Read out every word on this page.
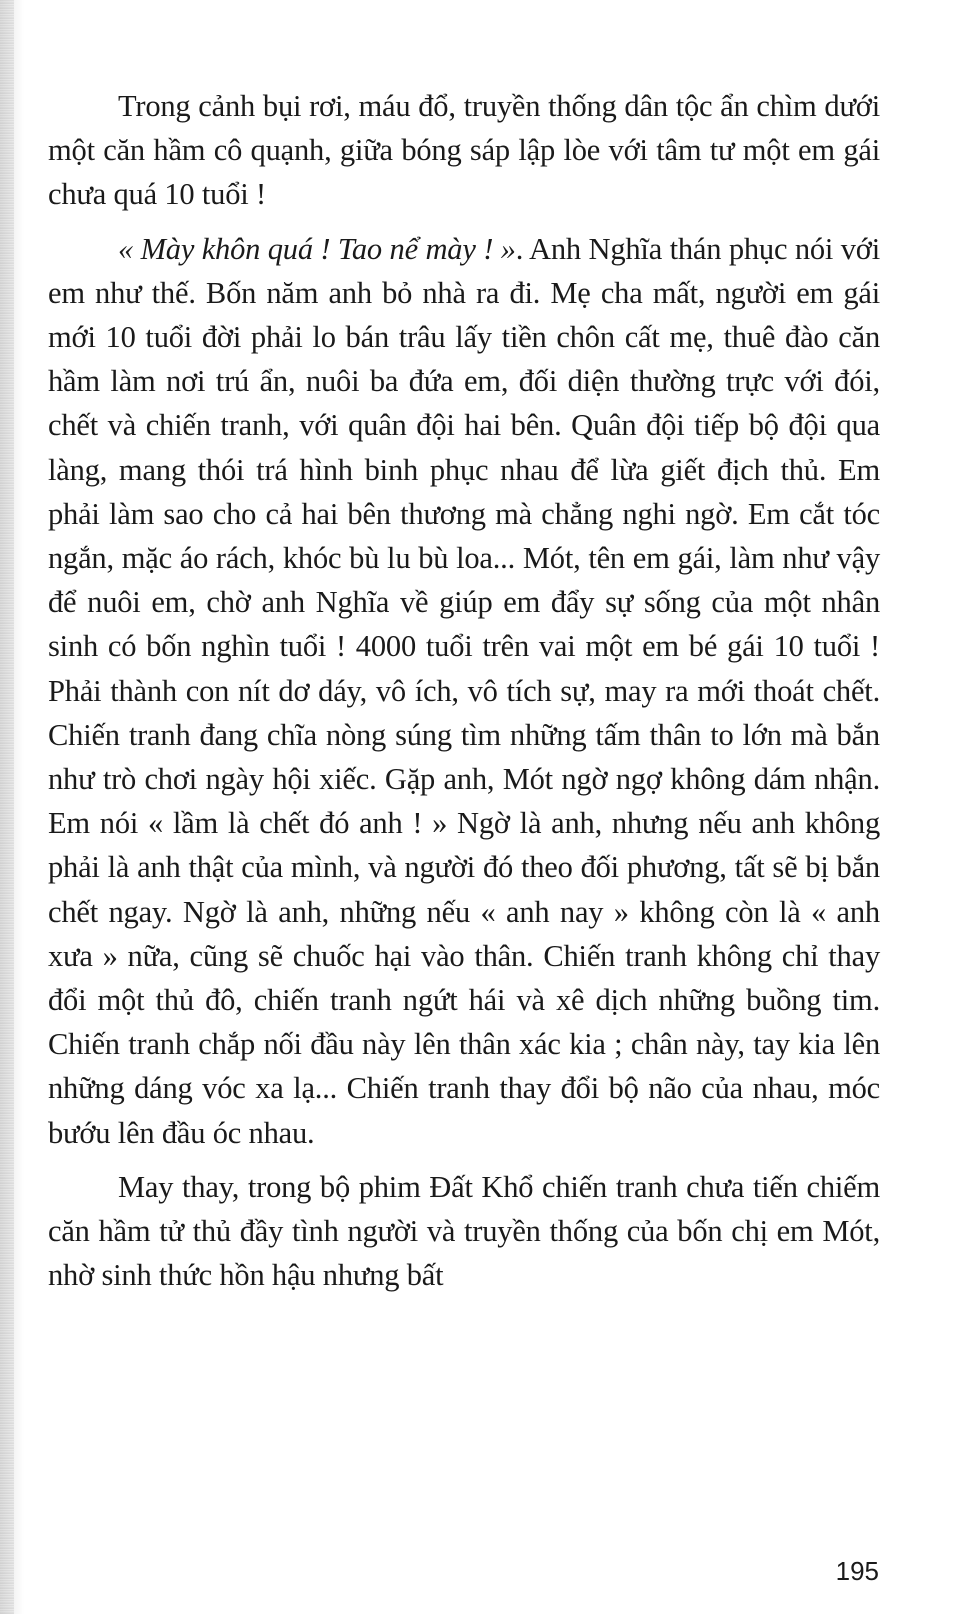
Trong cảnh bụi rơi, máu đổ, truyền thống dân tộc ẩn chìm dưới một căn hầm cô quạnh, giữa bóng sáp lập lòe với tâm tư một em gái chưa quá 10 tuổi !

« Mày khôn quá ! Tao nể mày ! ». Anh Nghĩa thán phục nói với em như thế. Bốn năm anh bỏ nhà ra đi. Mẹ cha mất, người em gái mới 10 tuổi đời phải lo bán trâu lấy tiền chôn cất mẹ, thuê đào căn hầm làm nơi trú ẩn, nuôi ba đứa em, đối diện thường trực với đói, chết và chiến tranh, với quân đội hai bên. Quân đội tiếp bộ đội qua làng, mang thói trá hình binh phục nhau để lừa giết địch thủ. Em phải làm sao cho cả hai bên thương mà chẳng nghi ngờ. Em cắt tóc ngắn, mặc áo rách, khóc bù lu bù loa... Mót, tên em gái, làm như vậy để nuôi em, chờ anh Nghĩa về giúp em đẩy sự sống của một nhân sinh có bốn nghìn tuổi ! 4000 tuổi trên vai một em bé gái 10 tuổi ! Phải thành con nít dơ dáy, vô ích, vô tích sự, may ra mới thoát chết. Chiến tranh đang chĩa nòng súng tìm những tấm thân to lớn mà bắn như trò chơi ngày hội xiếc. Gặp anh, Mót ngờ ngợ không dám nhận. Em nói « lầm là chết đó anh ! » Ngờ là anh, nhưng nếu anh không phải là anh thật của mình, và người đó theo đối phương, tất sẽ bị bắn chết ngay. Ngờ là anh, những nếu « anh nay » không còn là « anh xưa » nữa, cũng sẽ chuốc hại vào thân. Chiến tranh không chỉ thay đổi một thủ đô, chiến tranh ngứt hái và xê dịch những buồng tim. Chiến tranh chắp nối đầu này lên thân xác kia ; chân này, tay kia lên những dáng vóc xa lạ... Chiến tranh thay đổi bộ não của nhau, móc bướu lên đầu óc nhau.

May thay, trong bộ phim Đất Khổ chiến tranh chưa tiến chiếm căn hầm tử thủ đầy tình người và truyền thống của bốn chị em Mót, nhờ sinh thức hồn hậu nhưng bất

195
